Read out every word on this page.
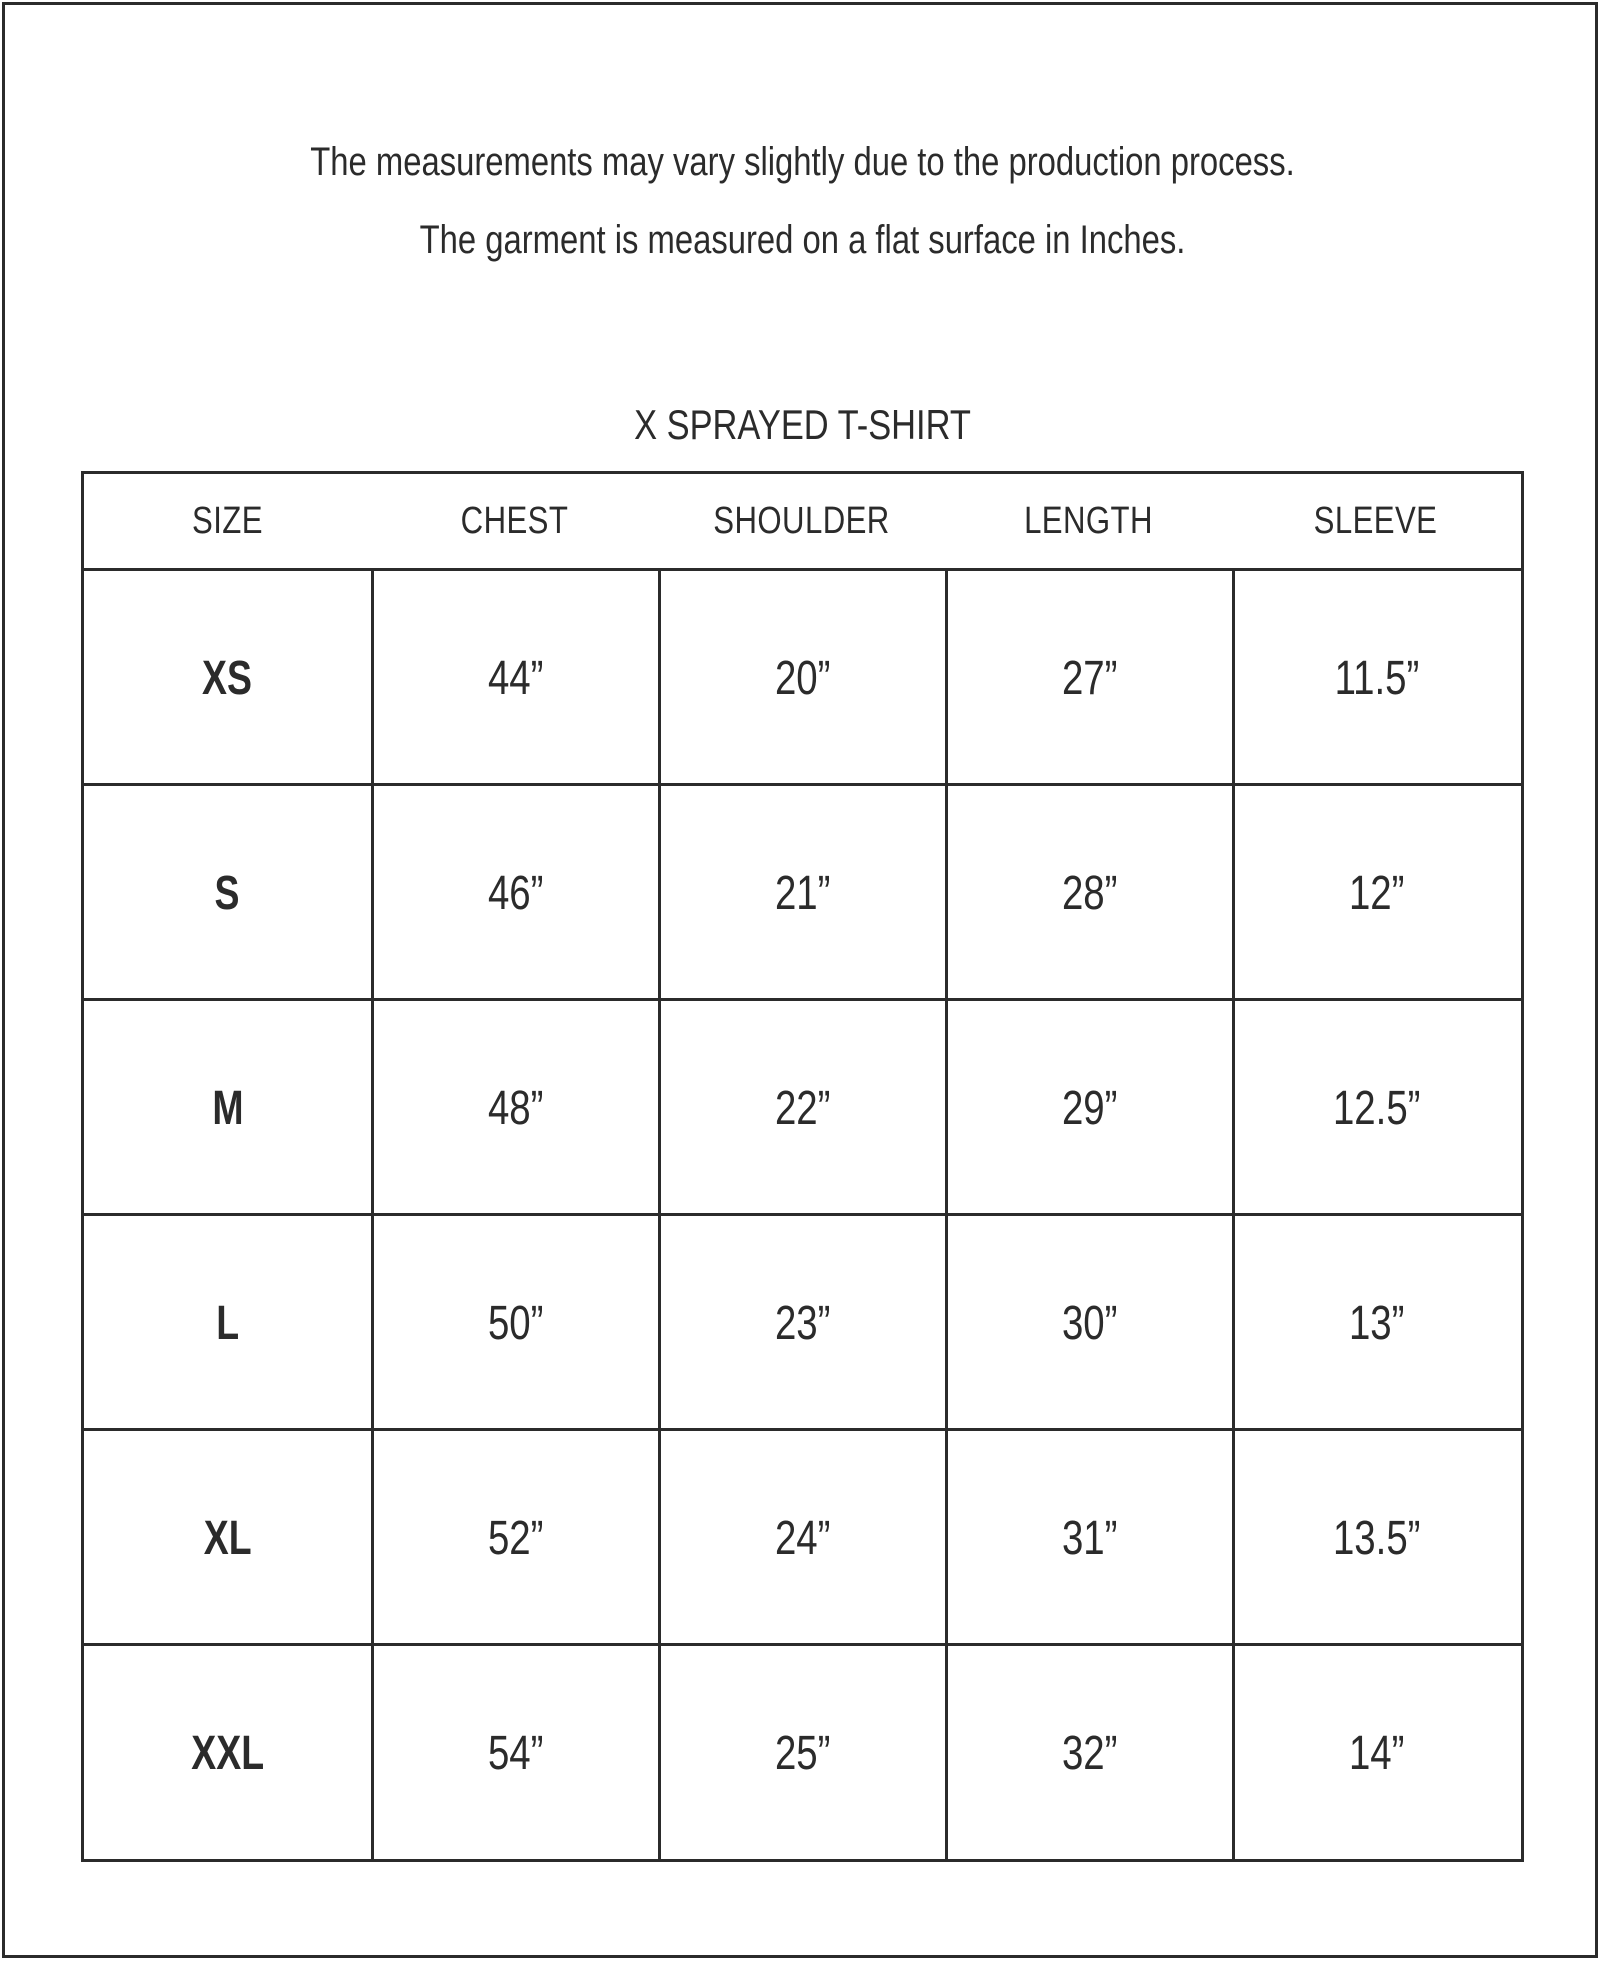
The measurements may vary slightly due to the production process.
The garment is measured on a flat surface in Inches.
X SPRAYED T-SHIRT
SIZE	CHEST	SHOULDER	LENGTH	SLEEVE
XS	44”	20”	27”	11.5”
S	46”	21”	28”	12”
M	48”	22”	29”	12.5”
L	50”	23”	30”	13”
XL	52”	24”	31”	13.5”
XXL	54”	25”	32”	14”
